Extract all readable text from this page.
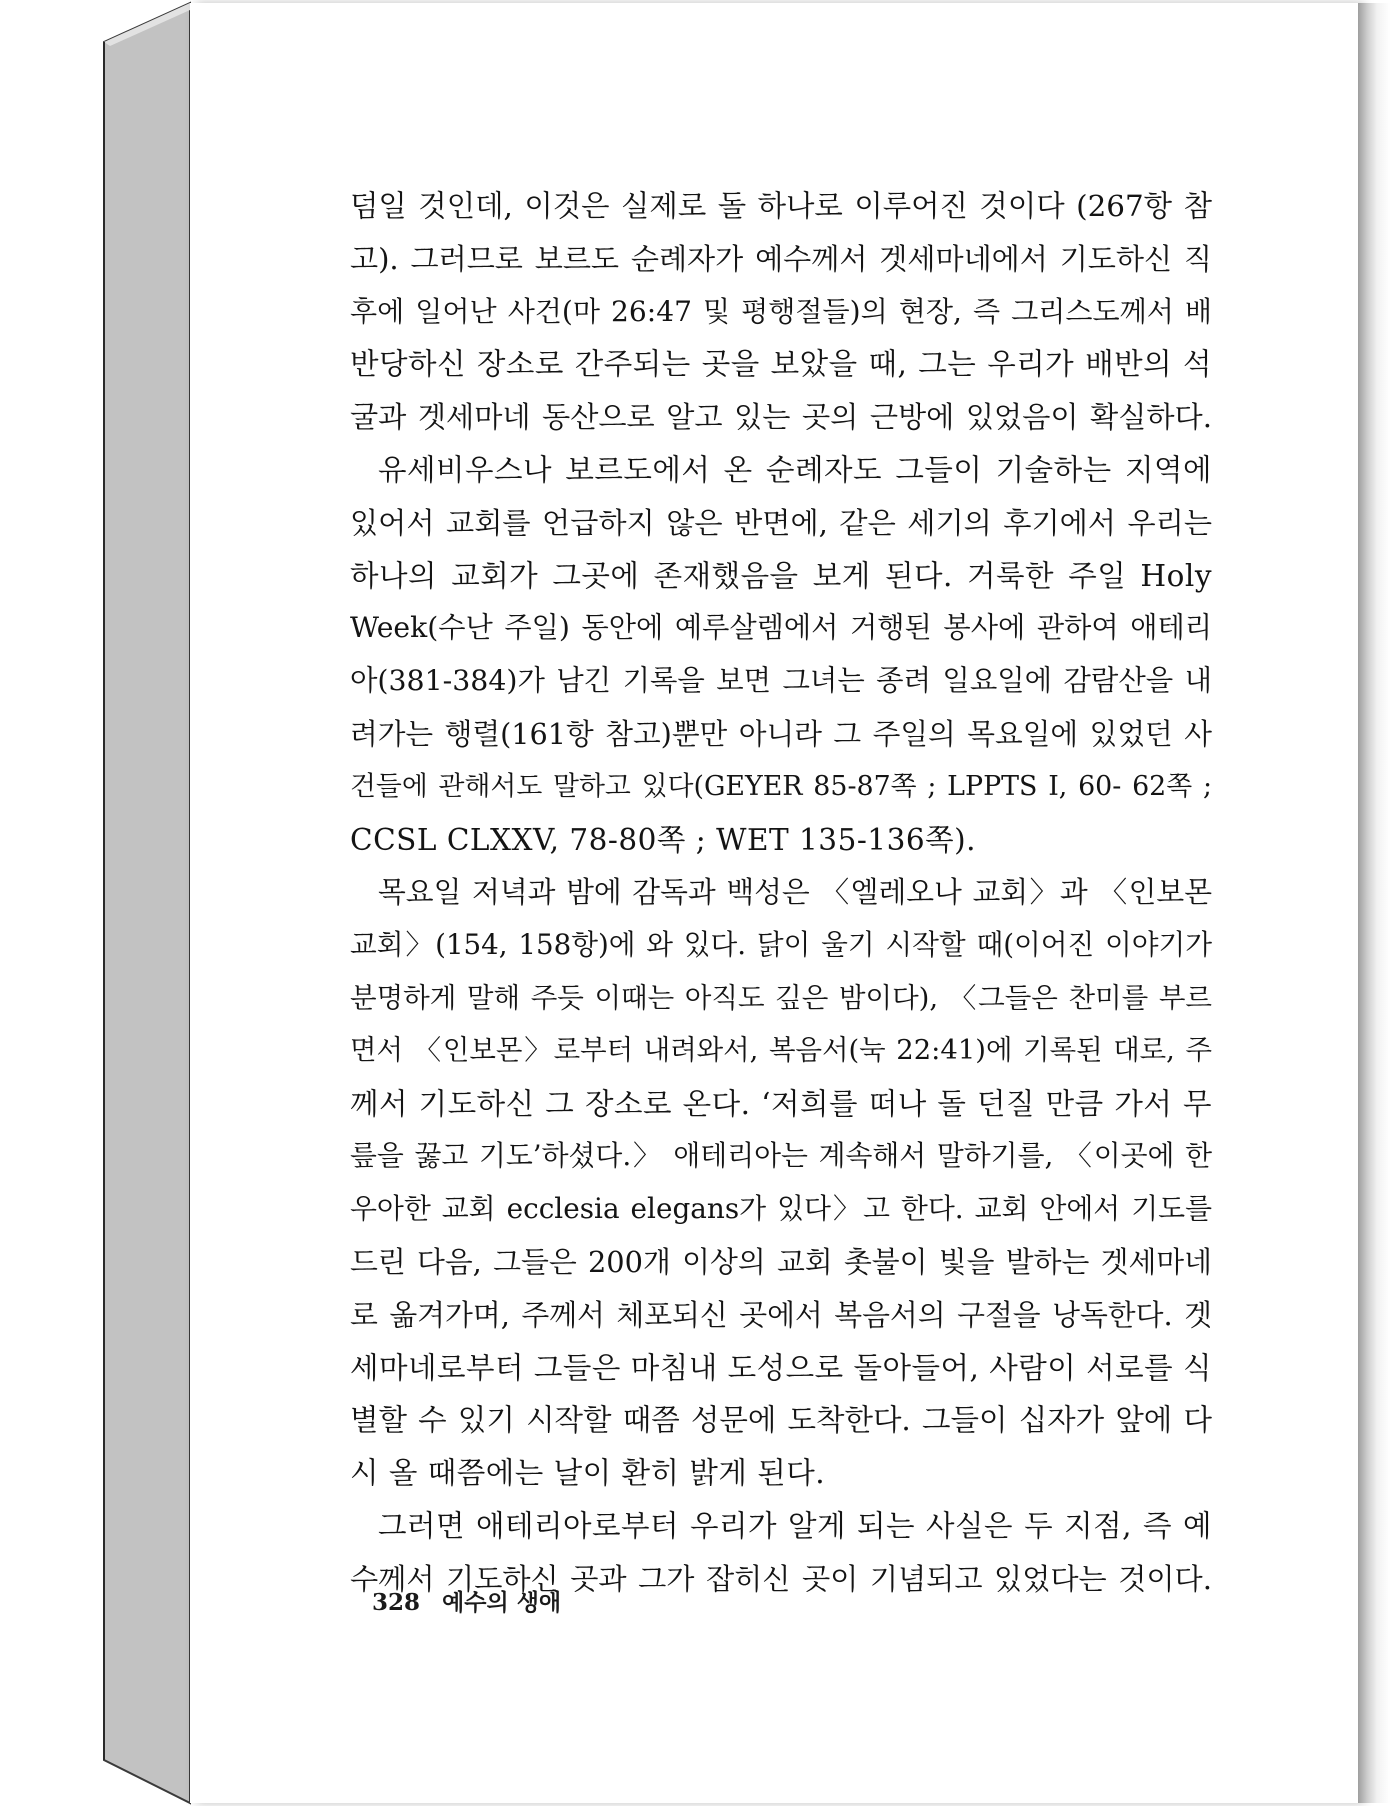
덤일 것인데, 이것은 실제로 돌 하나로 이루어진 것이다 (267항 참
고). 그러므로 보르도 순례자가 예수께서 겟세마네에서 기도하신 직
후에 일어난 사건(마 26:47 및 평행절들)의 현장, 즉 그리스도께서 배
반당하신 장소로 간주되는 곳을 보았을 때, 그는 우리가 배반의 석
굴과 겟세마네 동산으로 알고 있는 곳의 근방에 있었음이 확실하다.
유세비우스나 보르도에서 온 순례자도 그들이 기술하는 지역에
있어서 교회를 언급하지 않은 반면에, 같은 세기의 후기에서 우리는
하나의 교회가 그곳에 존재했음을 보게 된다. 거룩한 주일 Holy
Week(수난 주일) 동안에 예루살렘에서 거행된 봉사에 관하여 애테리
아(381-384)가 남긴 기록을 보면 그녀는 종려 일요일에 감람산을 내
려가는 행렬(161항 참고)뿐만 아니라 그 주일의 목요일에 있었던 사
건들에 관해서도 말하고 있다(GEYER 85-87쪽 ; LPPTS I, 60- 62쪽 ;
CCSL CLXXV, 78-80쪽 ; WET 135-136쪽).
목요일 저녁과 밤에 감독과 백성은 〈엘레오나 교회〉과 〈인보몬
교회〉(154, 158항)에 와 있다. 닭이 울기 시작할 때(이어진 이야기가
분명하게 말해 주듯 이때는 아직도 깊은 밤이다), 〈그들은 찬미를 부르
면서 〈인보몬〉로부터 내려와서, 복음서(눅 22:41)에 기록된 대로, 주
께서 기도하신 그 장소로 온다. ‘저희를 떠나 돌 던질 만큼 가서 무
릎을 꿇고 기도’하셨다.〉 애테리아는 계속해서 말하기를, 〈이곳에 한
우아한 교회 ecclesia elegans가 있다〉고 한다. 교회 안에서 기도를
드린 다음, 그들은 200개 이상의 교회 촛불이 빛을 발하는 겟세마네
로 옮겨가며, 주께서 체포되신 곳에서 복음서의 구절을 낭독한다. 겟
세마네로부터 그들은 마침내 도성으로 돌아들어, 사람이 서로를 식
별할 수 있기 시작할 때쯤 성문에 도착한다. 그들이 십자가 앞에 다
시 올 때쯤에는 날이 환히 밝게 된다.
그러면 애테리아로부터 우리가 알게 되는 사실은 두 지점, 즉 예
수께서 기도하신 곳과 그가 잡히신 곳이 기념되고 있었다는 것이다.
328 예수의 생애
